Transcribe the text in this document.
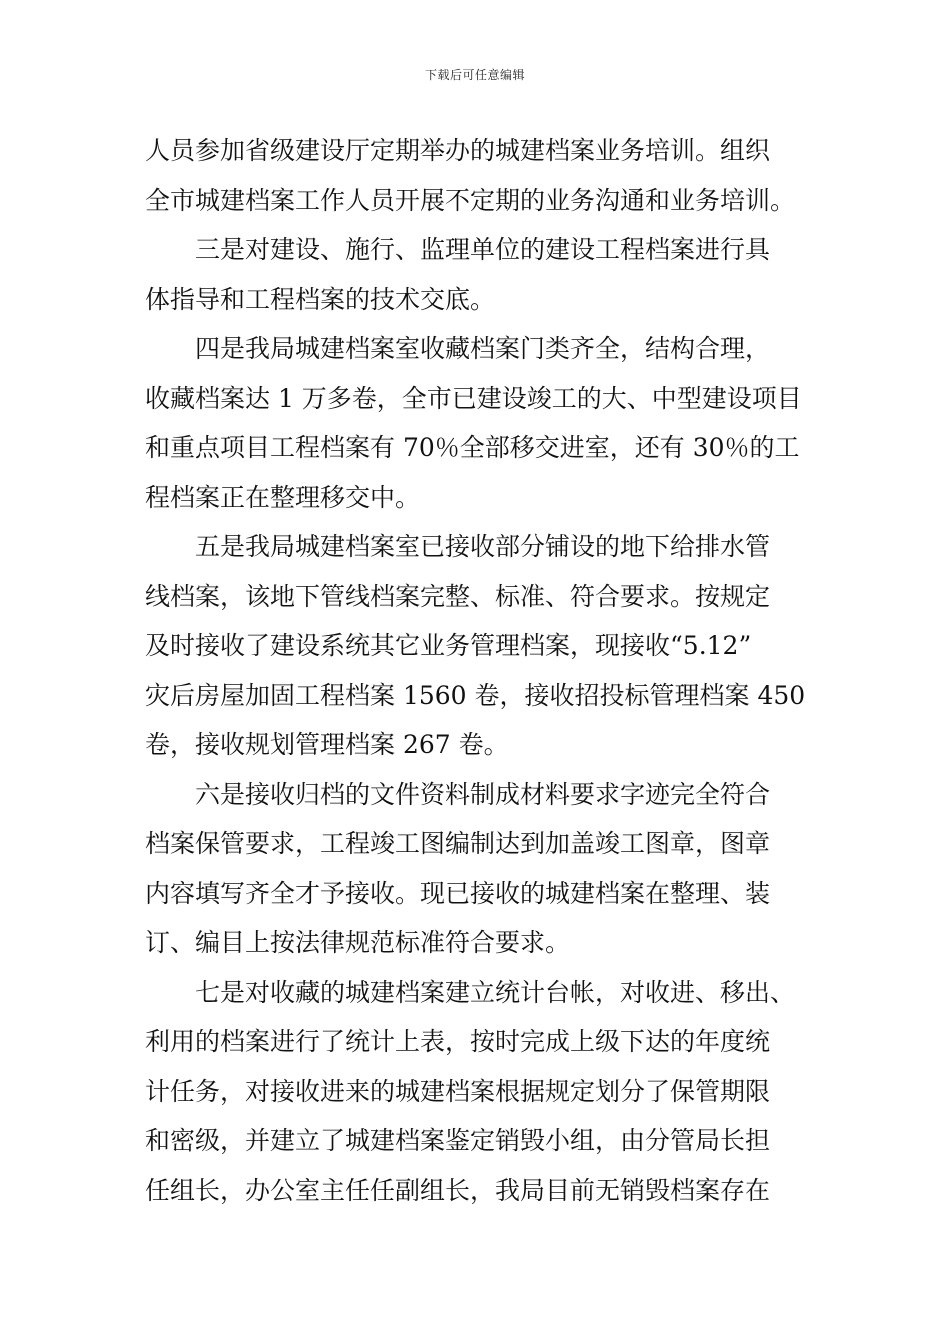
下载后可任意编辑
人员参加省级建设厅定期举办的城建档案业务培训。组织
全市城建档案工作人员开展不定期的业务沟通和业务培训。
三是对建设、施行、监理单位的建设工程档案进行具
体指导和工程档案的技术交底。
四是我局城建档案室收藏档案门类齐全，结构合理，
收藏档案达 1 万多卷，全市已建设竣工的大、中型建设项目
和重点项目工程档案有 70％全部移交进室，还有 30％的工
程档案正在整理移交中。
五是我局城建档案室已接收部分铺设的地下给排水管
线档案，该地下管线档案完整、标准、符合要求。按规定
及时接收了建设系统其它业务管理档案，现接收“5.12”
灾后房屋加固工程档案 1560 卷，接收招投标管理档案 450
卷，接收规划管理档案 267 卷。
六是接收归档的文件资料制成材料要求字迹完全符合
档案保管要求，工程竣工图编制达到加盖竣工图章，图章
内容填写齐全才予接收。现已接收的城建档案在整理、装
订、编目上按法律规范标准符合要求。
七是对收藏的城建档案建立统计台帐，对收进、移出、
利用的档案进行了统计上表，按时完成上级下达的年度统
计任务，对接收进来的城建档案根据规定划分了保管期限
和密级，并建立了城建档案鉴定销毁小组，由分管局长担
任组长，办公室主任任副组长，我局目前无销毁档案存在
